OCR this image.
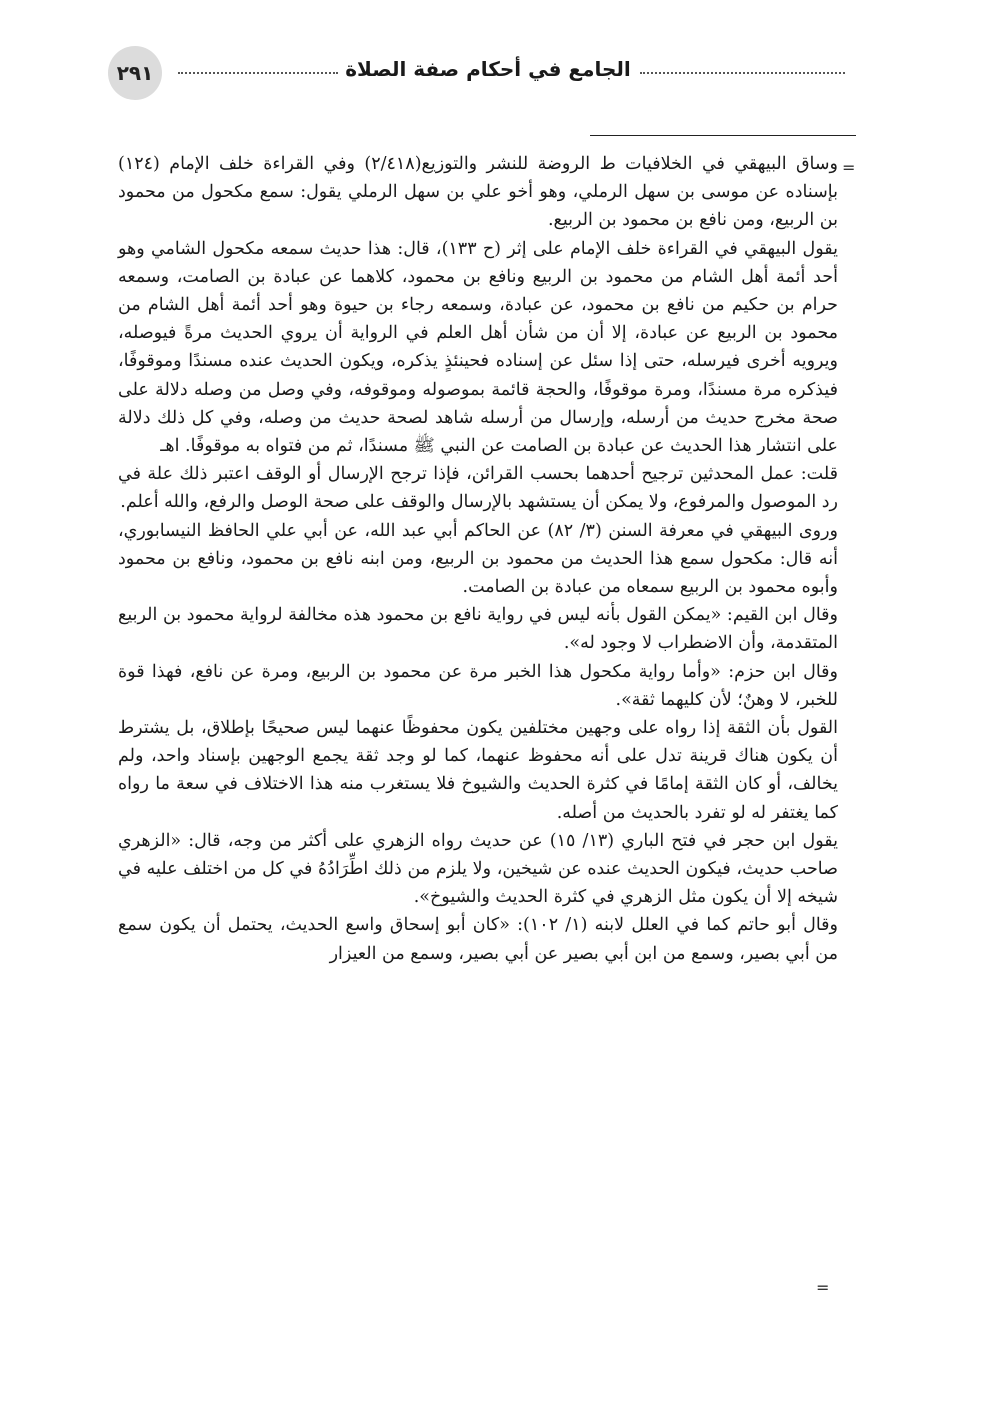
٢٩١	الجامع في أحكام صفة الصلاة
=

وساق البيهقي في الخلافيات ط الروضة للنشر والتوزيع(٢/٤١٨) وفي القراءة خلف الإمام (١٢٤) بإسناده عن موسى بن سهل الرملي، وهو أخو علي بن سهل الرملي يقول: سمع مكحول من محمود بن الربيع، ومن نافع بن محمود بن الربيع.

يقول البيهقي في القراءة خلف الإمام على إثر (ح ١٣٣)، قال: هذا حديث سمعه مكحول الشامي وهو أحد أئمة أهل الشام من محمود بن الربيع ونافع بن محمود، كلاهما عن عبادة بن الصامت، وسمعه حرام بن حكيم من نافع بن محمود، عن عبادة، وسمعه رجاء بن حيوة وهو أحد أئمة أهل الشام من محمود بن الربيع عن عبادة، إلا أن من شأن أهل العلم في الرواية أن يروي الحديث مرةً فيوصله، ويرويه أخرى فيرسله، حتى إذا سئل عن إسناده فحينئذٍ يذكره، ويكون الحديث عنده مسندًا وموقوفًا، فيذكره مرة مسندًا، ومرة موقوفًا، والحجة قائمة بموصوله وموقوفه، وفي وصل من وصله دلالة على صحة مخرج حديث من أرسله، وإرسال من أرسله شاهد لصحة حديث من وصله، وفي كل ذلك دلالة على انتشار هذا الحديث عن عبادة بن الصامت عن النبي ﷺ مسندًا، ثم من فتواه به موقوفًا. اهـ

قلت: عمل المحدثين ترجيح أحدهما بحسب القرائن، فإذا ترجح الإرسال أو الوقف اعتبر ذلك علة في رد الموصول والمرفوع، ولا يمكن أن يستشهد بالإرسال والوقف على صحة الوصل والرفع، والله أعلم.

وروى البيهقي في معرفة السنن (٣/ ٨٢) عن الحاكم أبي عبد الله، عن أبي علي الحافظ النيسابوري، أنه قال: مكحول سمع هذا الحديث من محمود بن الربيع، ومن ابنه نافع بن محمود، ونافع بن محمود وأبوه محمود بن الربيع سمعاه من عبادة بن الصامت.

وقال ابن القيم: «يمكن القول بأنه ليس في رواية نافع بن محمود هذه مخالفة لرواية محمود بن الربيع المتقدمة، وأن الاضطراب لا وجود له».

وقال ابن حزم: «وأما رواية مكحول هذا الخبر مرة عن محمود بن الربيع، ومرة عن نافع، فهذا قوة للخبر، لا وهنٌ؛ لأن كليهما ثقة».

القول بأن الثقة إذا رواه على وجهين مختلفين يكون محفوظًا عنهما ليس صحيحًا بإطلاق، بل يشترط أن يكون هناك قرينة تدل على أنه محفوظ عنهما، كما لو وجد ثقة يجمع الوجهين بإسناد واحد، ولم يخالف، أو كان الثقة إمامًا في كثرة الحديث والشيوخ فلا يستغرب منه هذا الاختلاف في سعة ما رواه كما يغتفر له لو تفرد بالحديث من أصله.

يقول ابن حجر في فتح الباري (١٣/ ١٥) عن حديث رواه الزهري على أكثر من وجه، قال: «الزهري صاحب حديث، فيكون الحديث عنده عن شيخين، ولا يلزم من ذلك اطِّرَادُهُ في كل من اختلف عليه في شيخه إلا أن يكون مثل الزهري في كثرة الحديث والشيوخ».

وقال أبو حاتم كما في العلل لابنه (١/ ١٠٢): «كان أبو إسحاق واسع الحديث، يحتمل أن يكون سمع من أبي بصير، وسمع من ابن أبي بصير عن أبي بصير، وسمع من العيزار

=
